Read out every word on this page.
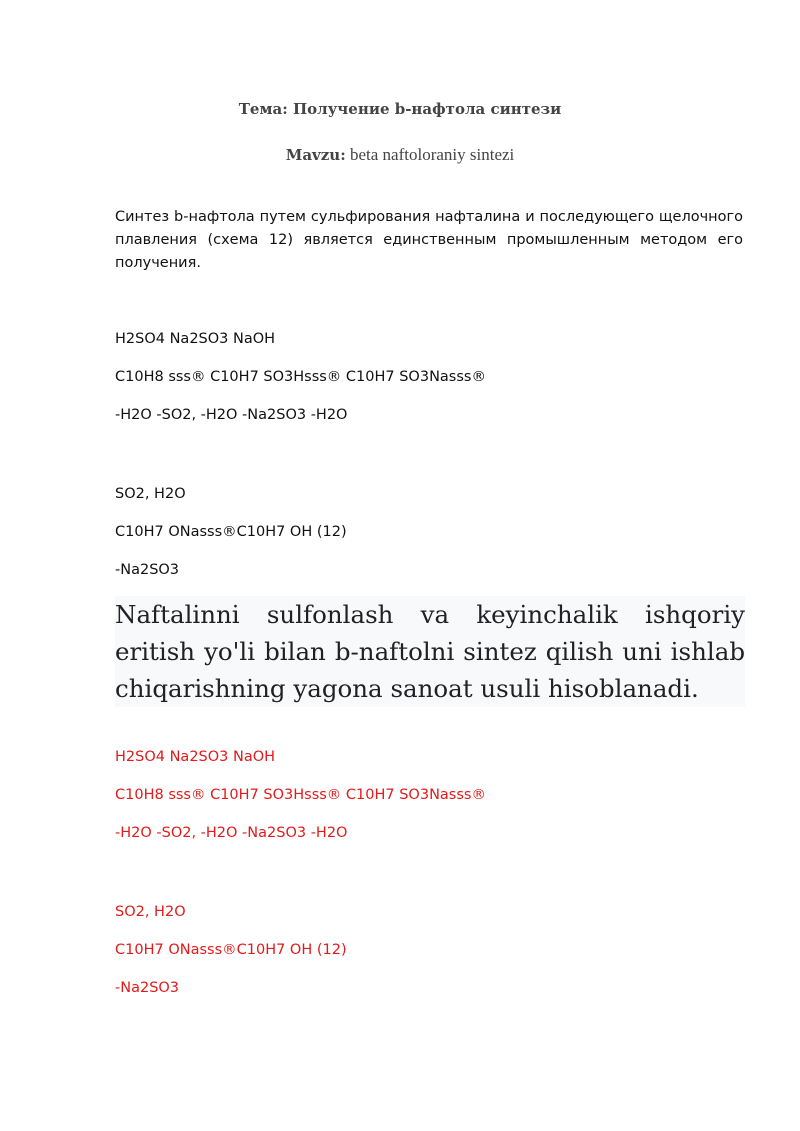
Тема: Получение b-нафтола синтези

Mavzu: beta naftoloraniy sintezi

Синтез b-нафтола путем сульфирования нафталина и последующего щелочного плавления (схема 12) является единственным промышленным методом его получения.

H2SO4 Na2SO3 NaOH

C10H8 sss® C10H7 SO3Hsss® C10H7 SO3Nasss®

-H2O -SO2, -H2O -Na2SO3 -H2O

SO2, H2O

C10H7 ONasss®C10H7 OH (12)

-Na2SO3

Naftalinni sulfonlash va keyinchalik ishqoriy eritish yo'li bilan b-naftolni sintez qilish uni ishlab chiqarishning yagona sanoat usuli hisoblanadi.

H2SO4 Na2SO3 NaOH

C10H8 sss® C10H7 SO3Hsss® C10H7 SO3Nasss®

-H2O -SO2, -H2O -Na2SO3 -H2O

SO2, H2O

C10H7 ONasss®C10H7 OH (12)

-Na2SO3
